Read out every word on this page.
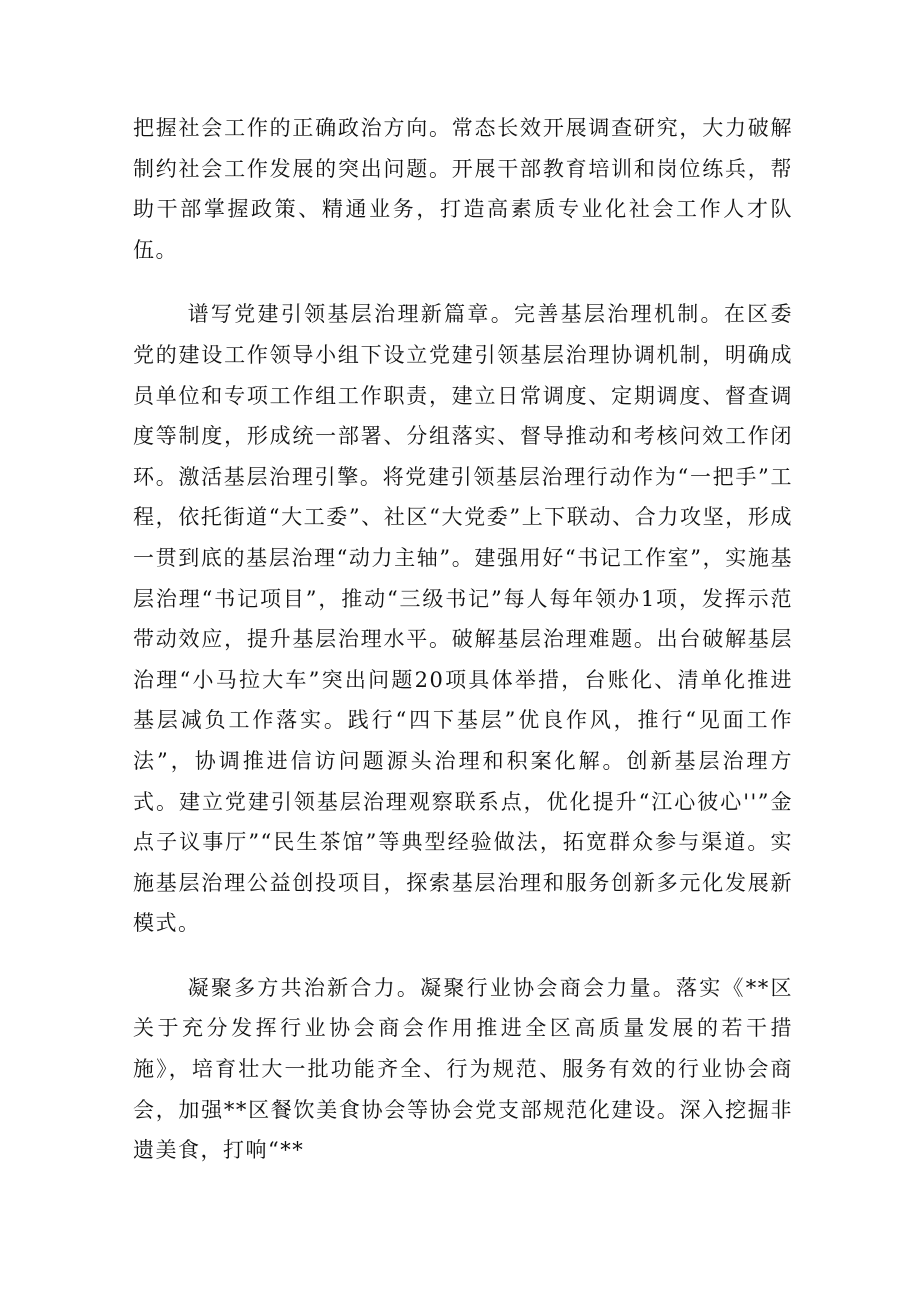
把握社会工作的正确政治方向。常态长效开展调查研究，大力破解制约社会工作发展的突出问题。开展干部教育培训和岗位练兵，帮助干部掌握政策、精通业务，打造高素质专业化社会工作人才队伍。

谱写党建引领基层治理新篇章。完善基层治理机制。在区委党的建设工作领导小组下设立党建引领基层治理协调机制，明确成员单位和专项工作组工作职责，建立日常调度、定期调度、督查调度等制度，形成统一部署、分组落实、督导推动和考核问效工作闭环。激活基层治理引擎。将党建引领基层治理行动作为“一把手”工程，依托街道“大工委”、社区“大党委”上下联动、合力攻坚，形成一贯到底的基层治理“动力主轴”。建强用好“书记工作室”，实施基层治理“书记项目”，推动“三级书记”每人每年领办1项，发挥示范带动效应，提升基层治理水平。破解基层治理难题。出台破解基层治理“小马拉大车”突出问题20项具体举措，台账化、清单化推进基层减负工作落实。践行“四下基层”优良作风，推行“见面工作法”，协调推进信访问题源头治理和积案化解。创新基层治理方式。建立党建引领基层治理观察联系点，优化提升“江心彼心''”金点子议事厅”“民生茶馆”等典型经验做法，拓宽群众参与渠道。实施基层治理公益创投项目，探索基层治理和服务创新多元化发展新模式。

凝聚多方共治新合力。凝聚行业协会商会力量。落实《**区关于充分发挥行业协会商会作用推进全区高质量发展的若干措施》，培育壮大一批功能齐全、行为规范、服务有效的行业协会商会，加强**区餐饮美食协会等协会党支部规范化建设。深入挖掘非遗美食，打响“**
